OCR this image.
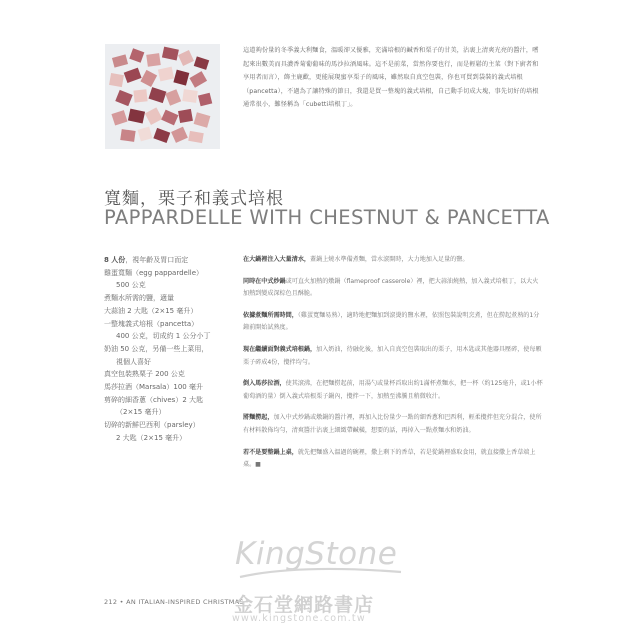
這道夠份量的冬季義大利麵食，溫暖卻又優雅，充滿培根的鹹香和栗子的甘美，沾裹上清爽光亮的醬汁，嚐起來出數美而具濃香菊葡葡味的馬沙拉酒風味。這不是前菜，當然你要也行，而是輕鬆的主菜（對下廚者和享用者而言），飾主鹿歡，更能展現蜜享栗子的風味，雖然取自真空包裝，你也可買到袋裝的義式培根（pancetta），不過為了讓特殊的節日，我還是買一整塊的義式培根，自己動手切成大塊，事先切好的培根通常很小，難怪稱為「cubetti培根丁」。
寬麵，栗子和義式培根
PAPPARDELLE WITH CHESTNUT & PANCETTA
8 人份，視年齡及胃口而定
雞蛋寬麵（egg pappardelle）
500 公克
煮麵水所需的鹽，適量
大蒜油 2 大匙（2×15 毫升）
一整塊義式培根（pancetta）
400 公克，切成約 1 公分小丁
奶油 50 公克，另備一些上菜用，
視個人喜好
真空包裝熟栗子 200 公克
馬莎拉酒（Marsala）100 毫升
剪碎的細香蔥（chives）2 大匙
（2×15 毫升）
切碎的新鮮巴西利（parsley）
2 大匙（2×15 毫升）

在大鍋裡注入大量清水，蓋鍋上燒水準備煮麵，當水滾開時，大力地加入足量的鹽。

同時在中式炒鍋或可直火加熱的燉鍋（flameproof casserole）裡，把大蒜油燒熱，加入義式培根丁，以大火加熱到變成深棕色且酥脆。

依據煮麵所需時間，（雞蛋寬麵易熟），適時地把麵加到滾燙的鹽水裡，依照包裝說明烹煮，但在撈起煮熟的1分鐘前開始試熟度。

現在繼續面對義式培根鍋，加入奶油，待融化後，加入自真空包裝取出的栗子，用木匙或其他器具壓碎，使每顆栗子碎成4份，攪拌均勻。

倒入馬莎拉酒，使其滾沸，在把麵撈起前，用湯勺或量杯舀取出約1滿杯煮麵水，把一杯（約125毫升，或1小杯葡萄酒的量）倒入義式培根栗子鍋內，攪拌一下，加熱至沸騰且稍微收汁。

將麵撈起，加入中式炒鍋或燉鍋的醬汁裡，再加入比份量少一點的細香蔥和巴西利，輕柔攪拌但充分混合，使所有材料散佈均勻，清爽醬汁沾裹上細緻帶鹹橫，想要的話，再掉入一點煮麵水和奶油。

若不是要整鍋上桌，就先把麵盛入溫過的碗裡，撒上剩下的香草，若是從鍋裡盛取食用，就直接撒上香草端上桌。■

KingStone
212 • AN ITALIAN-INSPIRED CHRISTMAS
金石堂網路書店
www.kingstone.com.tw
